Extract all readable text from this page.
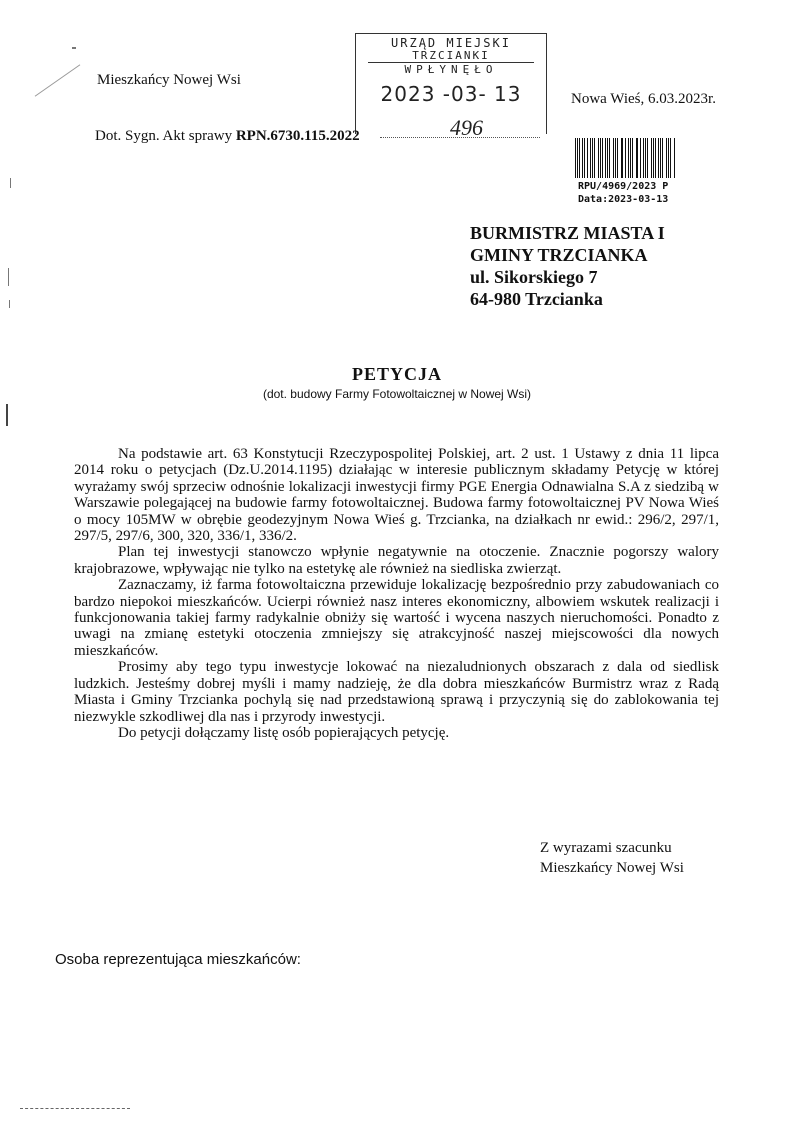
Mieszkańcy Nowej Wsi
URZĄD MIEJSKI
TRZCIANKI
WPŁYNĘŁO
2023 -03- 13	Nowa Wieś, 6.03.2023r.
Dot. Sygn. Akt sprawy RPN.6730.115.2022	496
RPU/4969/2023 P
Data:2023-03-13
BURMISTRZ MIASTA I
GMINY TRZCIANKA
ul. Sikorskiego 7
64-980 Trzcianka
PETYCJA
(dot. budowy Farmy Fotowoltaicznej w Nowej Wsi)

Na podstawie art. 63 Konstytucji Rzeczypospolitej Polskiej, art. 2 ust. 1 Ustawy z dnia 11 lipca 2014 roku o petycjach (Dz.U.2014.1195) działając w interesie publicznym składamy Petycję w której wyrażamy swój sprzeciw odnośnie lokalizacji inwestycji firmy PGE Energia Odnawialna S.A z siedzibą w Warszawie polegającej na budowie farmy fotowoltaicznej. Budowa farmy fotowoltaicznej PV Nowa Wieś o mocy 105MW w obrębie geodezyjnym Nowa Wieś g. Trzcianka, na działkach nr ewid.: 296/2, 297/1, 297/5, 297/6, 300, 320, 336/1, 336/2.

Plan tej inwestycji stanowczo wpłynie negatywnie na otoczenie. Znacznie pogorszy walory krajobrazowe, wpływając nie tylko na estetykę ale również na siedliska zwierząt.

Zaznaczamy, iż farma fotowoltaiczna przewiduje lokalizację bezpośrednio przy zabudowaniach co bardzo niepokoi mieszkańców. Ucierpi również nasz interes ekonomiczny, albowiem wskutek realizacji i funkcjonowania takiej farmy radykalnie obniży się wartość i wycena naszych nieruchomości. Ponadto z uwagi na zmianę estetyki otoczenia zmniejszy się atrakcyjność naszej miejscowości dla nowych mieszkańców.

Prosimy aby tego typu inwestycje lokować na niezaludnionych obszarach z dala od siedlisk ludzkich. Jesteśmy dobrej myśli i mamy nadzieję, że dla dobra mieszkańców Burmistrz wraz z Radą Miasta i Gminy Trzcianka pochylą się nad przedstawioną sprawą i przyczynią się do zablokowania tej niezwykle szkodliwej dla nas i przyrody inwestycji.

Do petycji dołączamy listę osób popierających petycję.

Z wyrazami szacunku
Mieszkańcy Nowej Wsi
Osoba reprezentująca mieszkańców:
